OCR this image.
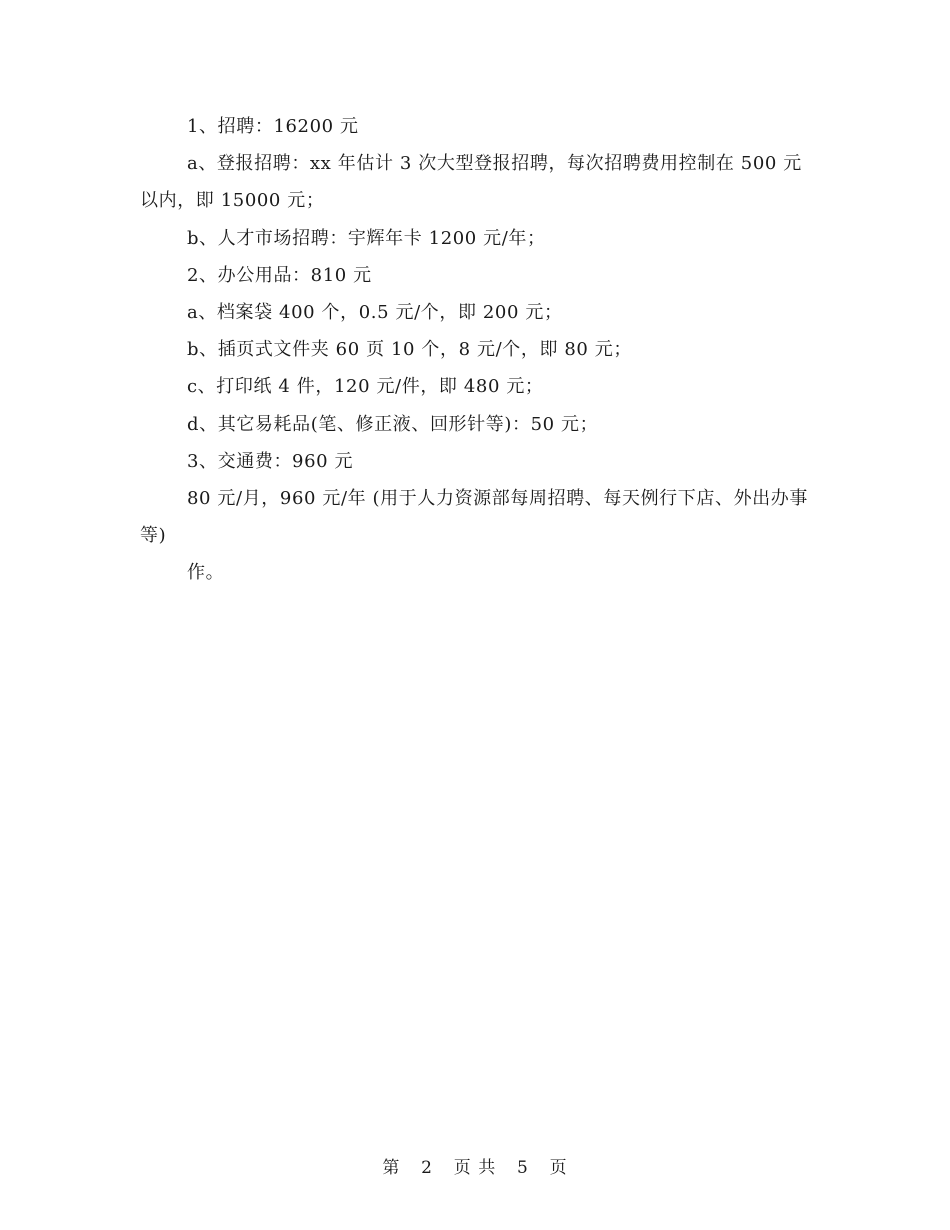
1、招聘：16200 元

a、登报招聘：xx 年估计 3 次大型登报招聘，每次招聘费用控制在 500 元以内，即 15000 元；

b、人才市场招聘：宇辉年卡 1200 元/年；

2、办公用品：810 元

a、档案袋 400 个，0.5 元/个，即 200 元；

b、插页式文件夹 60 页 10 个，8 元/个，即 80 元；

c、打印纸 4 件，120 元/件，即 480 元；

d、其它易耗品(笔、修正液、回形针等)：50 元；

3、交通费：960 元

80 元/月，960 元/年 (用于人力资源部每周招聘、每天例行下店、外出办事等)

作。

第 2 页 共 5 页
